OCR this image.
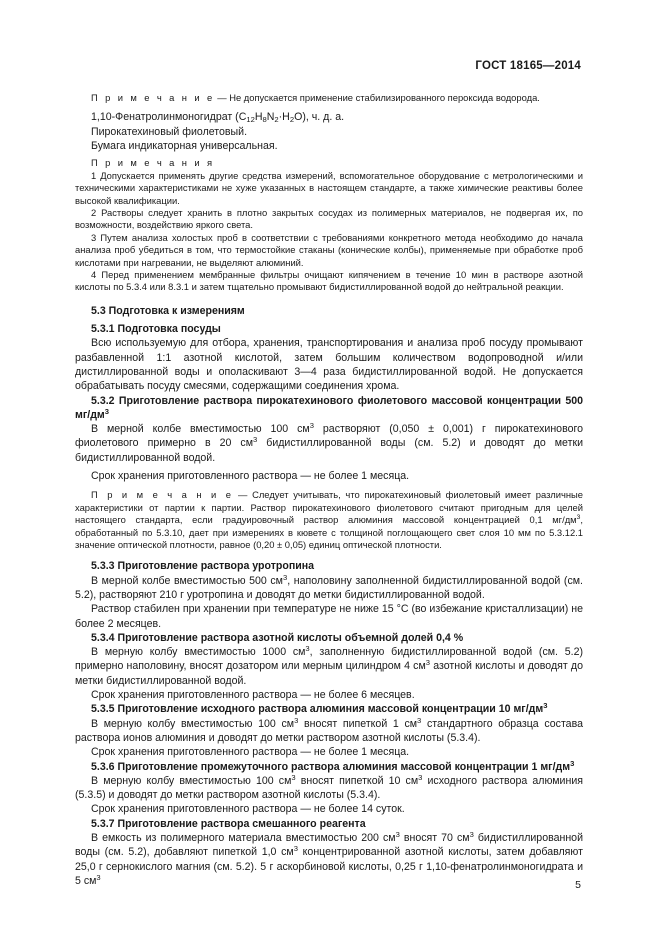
ГОСТ 18165—2014

П р и м е ч а н и е — Не допускается применение стабилизированного пероксида водорода.

1,10-Фенатролинмоногидрат $(C_{12}H_8N_2\cdot H_2O)$, ч. д. а.

Пирокатехиновый фиолетовый.

Бумага индикаторная универсальная.

П р и м е ч а н и я

1 Допускается применять другие средства измерений, вспомогательное оборудование с метрологическими и техническими характеристиками не хуже указанных в настоящем стандарте, а также химические реактивы более высокой квалификации.

2 Растворы следует хранить в плотно закрытых сосудах из полимерных материалов, не подвергая их, по возможности, воздействию яркого света.

3 Путем анализа холостых проб в соответствии с требованиями конкретного метода необходимо до начала анализа проб убедиться в том, что термостойкие стаканы (конические колбы), применяемые при обработке проб кислотами при нагревании, не выделяют алюминий.

4 Перед применением мембранные фильтры очищают кипячением в течение 10 мин в растворе азотной кислоты по 5.3.4 или 8.3.1 и затем тщательно промывают бидистиллированной водой до нейтральной реакции.

5.3 Подготовка к измерениям

5.3.1 Подготовка посуды

Всю используемую для отбора, хранения, транспортирования и анализа проб посуду промывают разбавленной 1:1 азотной кислотой, затем большим количеством водопроводной и/или дистиллированной воды и ополаскивают 3—4 раза бидистиллированной водой. Не допускается обрабатывать посуду смесями, содержащими соединения хрома.

5.3.2 Приготовление раствора пирокатехинового фиолетового массовой концентрации 500 $мг/дм^3$

В мерной колбе вместимостью 100 $см^3$ растворяют (0,050 ± 0,001) г пирокатехинового фиолетового примерно в 20 $см^3$ бидистиллированной воды (см. 5.2) и доводят до метки бидистиллированной водой.

Срок хранения приготовленного раствора — не более 1 месяца.

П р и м е ч а н и е — Следует учитывать, что пирокатехиновый фиолетовый имеет различные характеристики от партии к партии. Раствор пирокатехинового фиолетового считают пригодным для целей настоящего стандарта, если градуировочный раствор алюминия массовой концентрацией 0,1 $мг/дм^3$, обработанный по 5.3.10, дает при измерениях в кювете с толщиной поглощающего свет слоя 10 мм по 5.3.12.1 значение оптической плотности, равное (0,20 ± 0,05) единиц оптической плотности.

5.3.3 Приготовление раствора уротропина

В мерной колбе вместимостью 500 $см^3$, наполовину заполненной бидистиллированной водой (см. 5.2), растворяют 210 г уротропина и доводят до метки бидистиллированной водой.

Раствор стабилен при хранении при температуре не ниже 15 °С (во избежание кристаллизации) не более 2 месяцев.

5.3.4 Приготовление раствора азотной кислоты объемной долей 0,4 %

В мерную колбу вместимостью 1000 $см^3$, заполненную бидистиллированной водой (см. 5.2) примерно наполовину, вносят дозатором или мерным цилиндром 4 $см^3$ азотной кислоты и доводят до метки бидистиллированной водой.

Срок хранения приготовленного раствора — не более 6 месяцев.

5.3.5 Приготовление исходного раствора алюминия массовой концентрации 10 $мг/дм^3$

В мерную колбу вместимостью 100 $см^3$ вносят пипеткой 1 $см^3$ стандартного образца состава раствора ионов алюминия и доводят до метки раствором азотной кислоты (5.3.4).

Срок хранения приготовленного раствора — не более 1 месяца.

5.3.6 Приготовление промежуточного раствора алюминия массовой концентрации 1 $мг/дм^3$

В мерную колбу вместимостью 100 $см^3$ вносят пипеткой 10 $см^3$ исходного раствора алюминия (5.3.5) и доводят до метки раствором азотной кислоты (5.3.4).

Срок хранения приготовленного раствора — не более 14 суток.

5.3.7 Приготовление раствора смешанного реагента

В емкость из полимерного материала вместимостью 200 $см^3$ вносят 70 $см^3$ бидистиллированной воды (см. 5.2), добавляют пипеткой 1,0 $см^3$ концентрированной азотной кислоты, затем добавляют 25,0 г сернокислого магния (см. 5.2). 5 г аскорбиновой кислоты, 0,25 г 1,10-фенатролинмоногидрата и 5 $см^3$

5
